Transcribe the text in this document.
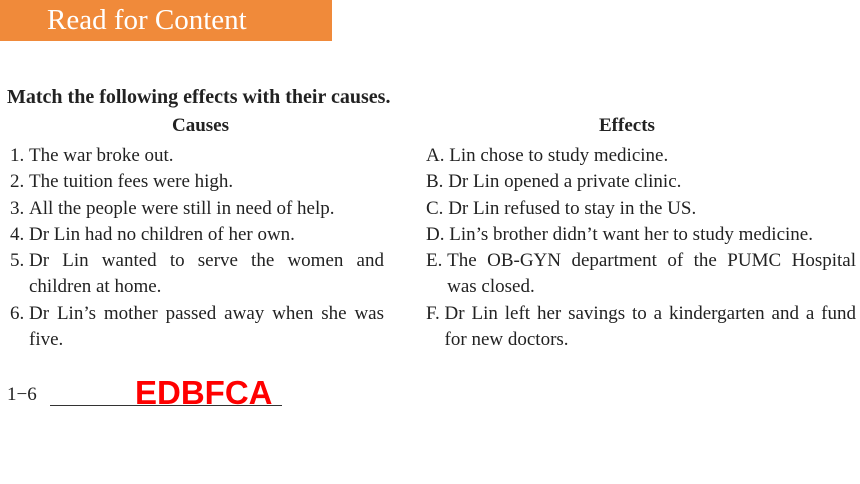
Read for Content
Match the following effects with their causes.
Causes	Effects
1.
The war broke out.
2.
The tuition fees were high.
3.
All the people were still in need of help.
4.
Dr Lin had no children of her own.
5.
Dr Lin wanted to serve the women and children at home.
6.
Dr Lin’s mother passed away when she was five.
A.
Lin chose to study medicine.
B.
Dr Lin opened a private clinic.
C.
Dr Lin refused to stay in the US.
D.
Lin’s brother didn’t want her to study medicine.
E.
The OB-GYN department of the PUMC Hospital was closed.
F.
Dr Lin left her savings to a kindergarten and a fund for new doctors.
1−6	EDBFCA
